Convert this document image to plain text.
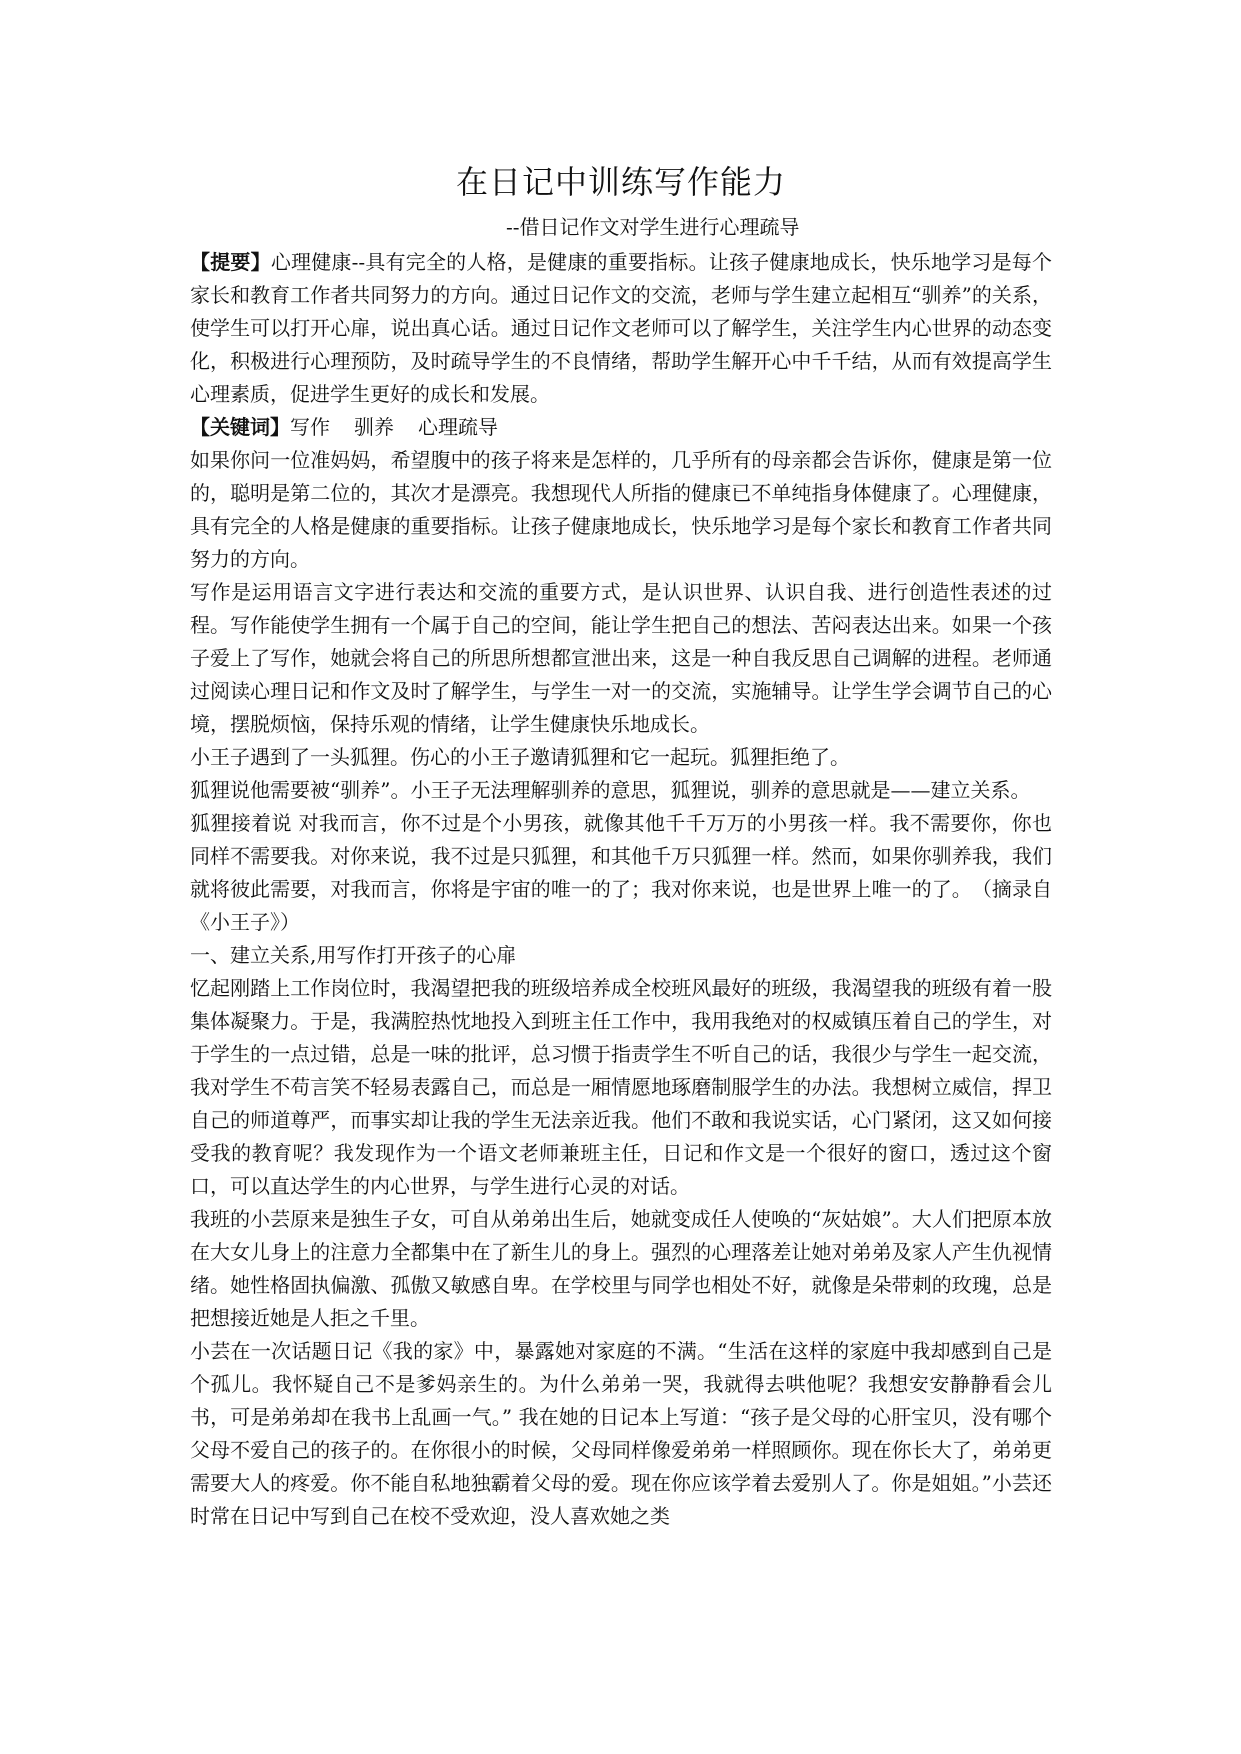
在日记中训练写作能力
--借日记作文对学生进行心理疏导

【提要】心理健康--具有完全的人格，是健康的重要指标。让孩子健康地成长，快乐地学习是每个家长和教育工作者共同努力的方向。通过日记作文的交流，老师与学生建立起相互“驯养”的关系，使学生可以打开心扉，说出真心话。通过日记作文老师可以了解学生，关注学生内心世界的动态变化，积极进行心理预防，及时疏导学生的不良情绪，帮助学生解开心中千千结，从而有效提高学生心理素质，促进学生更好的成长和发展。

【关键词】写作 驯养 心理疏导

如果你问一位准妈妈，希望腹中的孩子将来是怎样的，几乎所有的母亲都会告诉你，健康是第一位的，聪明是第二位的，其次才是漂亮。我想现代人所指的健康已不单纯指身体健康了。心理健康，具有完全的人格是健康的重要指标。让孩子健康地成长，快乐地学习是每个家长和教育工作者共同努力的方向。

写作是运用语言文字进行表达和交流的重要方式，是认识世界、认识自我、进行创造性表述的过程。写作能使学生拥有一个属于自己的空间，能让学生把自己的想法、苦闷表达出来。如果一个孩子爱上了写作，她就会将自己的所思所想都宣泄出来，这是一种自我反思自己调解的进程。老师通过阅读心理日记和作文及时了解学生，与学生一对一的交流，实施辅导。让学生学会调节自己的心境，摆脱烦恼，保持乐观的情绪，让学生健康快乐地成长。

小王子遇到了一头狐狸。伤心的小王子邀请狐狸和它一起玩。狐狸拒绝了。

狐狸说他需要被“驯养”。小王子无法理解驯养的意思，狐狸说，驯养的意思就是——建立关系。

狐狸接着说 对我而言，你不过是个小男孩，就像其他千千万万的小男孩一样。我不需要你，你也同样不需要我。对你来说，我不过是只狐狸，和其他千万只狐狸一样。然而，如果你驯养我，我们就将彼此需要，对我而言，你将是宇宙的唯一的了；我对你来说，也是世界上唯一的了。　（摘录自《小王子》）

一、建立关系,用写作打开孩子的心扉

忆起刚踏上工作岗位时，我渴望把我的班级培养成全校班风最好的班级，我渴望我的班级有着一股集体凝聚力。于是，我满腔热忱地投入到班主任工作中，我用我绝对的权威镇压着自己的学生，对于学生的一点过错，总是一味的批评，总习惯于指责学生不听自己的话，我很少与学生一起交流，我对学生不苟言笑不轻易表露自己，而总是一厢情愿地琢磨制服学生的办法。我想树立威信，捍卫自己的师道尊严，而事实却让我的学生无法亲近我。他们不敢和我说实话，心门紧闭，这又如何接受我的教育呢？我发现作为一个语文老师兼班主任，日记和作文是一个很好的窗口，透过这个窗口，可以直达学生的内心世界，与学生进行心灵的对话。

我班的小芸原来是独生子女，可自从弟弟出生后，她就变成任人使唤的“灰姑娘”。大人们把原本放在大女儿身上的注意力全都集中在了新生儿的身上。强烈的心理落差让她对弟弟及家人产生仇视情绪。她性格固执偏激、孤傲又敏感自卑。在学校里与同学也相处不好，就像是朵带刺的玫瑰，总是把想接近她是人拒之千里。

小芸在一次话题日记《我的家》中，暴露她对家庭的不满。“生活在这样的家庭中我却感到自己是个孤儿。我怀疑自己不是爹妈亲生的。为什么弟弟一哭，我就得去哄他呢？我想安安静静看会儿书，可是弟弟却在我书上乱画一气。” 我在她的日记本上写道：“孩子是父母的心肝宝贝，没有哪个父母不爱自己的孩子的。在你很小的时候，父母同样像爱弟弟一样照顾你。现在你长大了，弟弟更需要大人的疼爱。你不能自私地独霸着父母的爱。现在你应该学着去爱别人了。你是姐姐。”小芸还时常在日记中写到自己在校不受欢迎，没人喜欢她之类
